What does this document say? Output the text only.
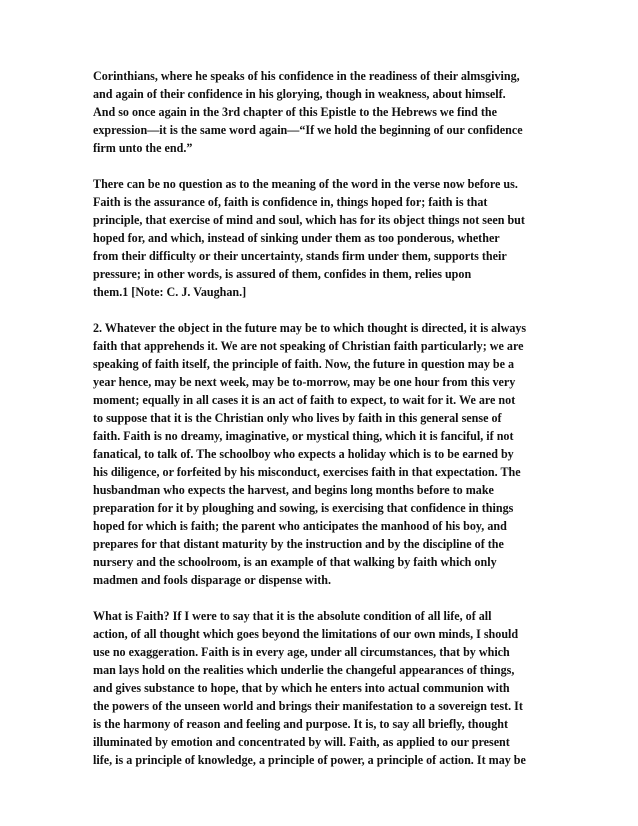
Corinthians, where he speaks of his confidence in the readiness of their almsgiving,
and again of their confidence in his glorying, though in weakness, about himself.
And so once again in the 3rd chapter of this Epistle to the Hebrews we find the
expression—it is the same word again—“If we hold the beginning of our confidence
firm unto the end.”
There can be no question as to the meaning of the word in the verse now before us.
Faith is the assurance of, faith is confidence in, things hoped for; faith is that
principle, that exercise of mind and soul, which has for its object things not seen but
hoped for, and which, instead of sinking under them as too ponderous, whether
from their difficulty or their uncertainty, stands firm under them, supports their
pressure; in other words, is assured of them, confides in them, relies upon
them.1 [Note: C. J. Vaughan.]
2. Whatever the object in the future may be to which thought is directed, it is always
faith that apprehends it. We are not speaking of Christian faith particularly; we are
speaking of faith itself, the principle of faith. Now, the future in question may be a
year hence, may be next week, may be to-morrow, may be one hour from this very
moment; equally in all cases it is an act of faith to expect, to wait for it. We are not
to suppose that it is the Christian only who lives by faith in this general sense of
faith. Faith is no dreamy, imaginative, or mystical thing, which it is fanciful, if not
fanatical, to talk of. The schoolboy who expects a holiday which is to be earned by
his diligence, or forfeited by his misconduct, exercises faith in that expectation. The
husbandman who expects the harvest, and begins long months before to make
preparation for it by ploughing and sowing, is exercising that confidence in things
hoped for which is faith; the parent who anticipates the manhood of his boy, and
prepares for that distant maturity by the instruction and by the discipline of the
nursery and the schoolroom, is an example of that walking by faith which only
madmen and fools disparage or dispense with.
What is Faith? If I were to say that it is the absolute condition of all life, of all
action, of all thought which goes beyond the limitations of our own minds, I should
use no exaggeration. Faith is in every age, under all circumstances, that by which
man lays hold on the realities which underlie the changeful appearances of things,
and gives substance to hope, that by which he enters into actual communion with
the powers of the unseen world and brings their manifestation to a sovereign test. It
is the harmony of reason and feeling and purpose. It is, to say all briefly, thought
illuminated by emotion and concentrated by will. Faith, as applied to our present
life, is a principle of knowledge, a principle of power, a principle of action. It may be
